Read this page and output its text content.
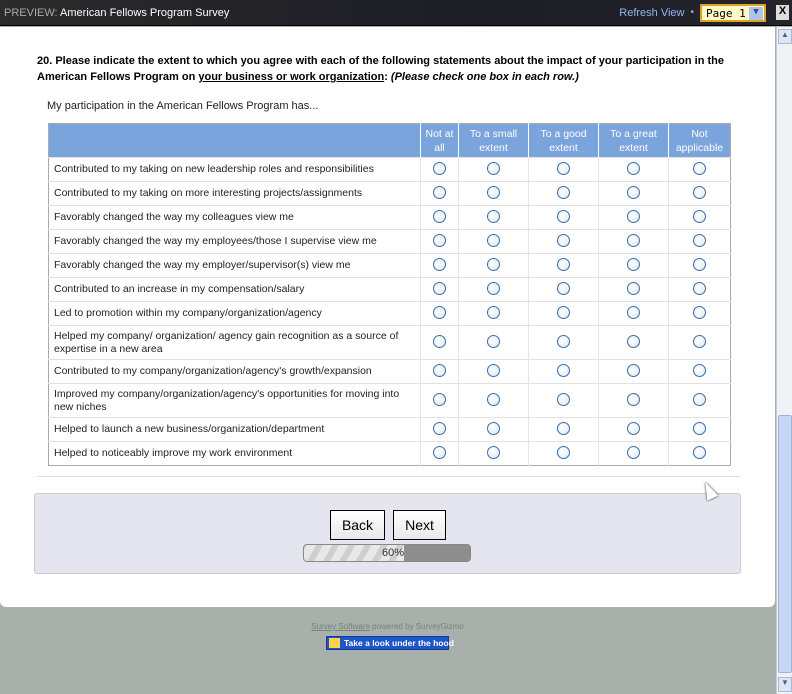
PREVIEW: American Fellows Program Survey	Refresh View •	Page 1 ▼	X
20. Please indicate the extent to which you agree with each of the following statements about the impact of your participation in the American Fellows Program on your business or work organization: (Please check one box in each row.)
My participation in the American Fellows Program has...
	Not at all	To a small extent	To a good extent	To a great extent	Not applicable
Contributed to my taking on new leadership roles and responsibilities					
Contributed to my taking on more interesting projects/assignments					
Favorably changed the way my colleagues view me					
Favorably changed the way my employees/those I supervise view me					
Favorably changed the way my employer/supervisor(s) view me					
Contributed to an increase in my compensation/salary					
Led to promotion within my company/organization/agency					
Helped my company/ organization/ agency gain recognition as a source of expertise in a new area					
Contributed to my company/organization/agency's growth/expansion					
Improved my company/organization/agency's opportunities for moving into new niches					
Helped to launch a new business/organization/department					
Helped to noticeably improve my work environment					
Back	Next
60%
Survey Software powered by SurveyGizmo
Take a look under the hood
▲
▼
